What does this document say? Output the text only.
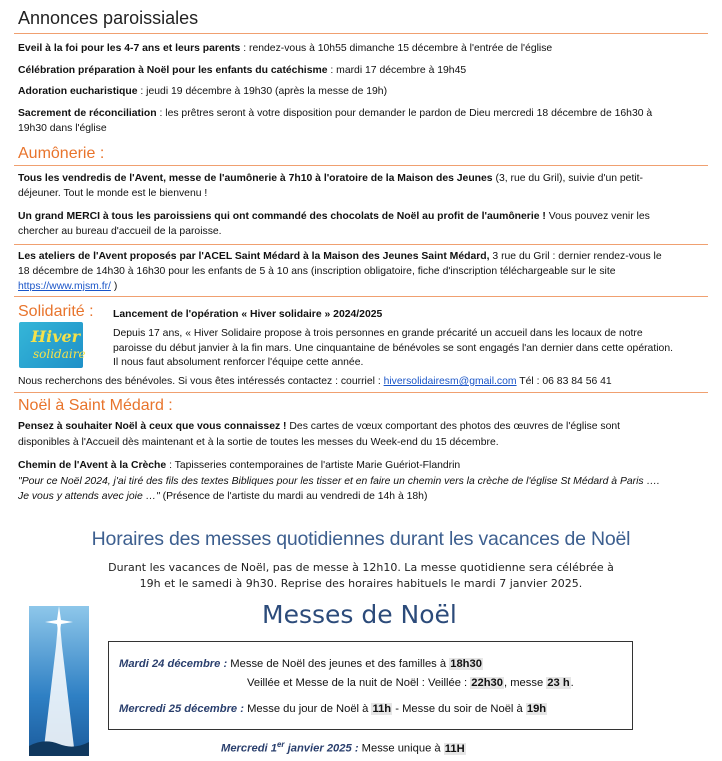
Annonces paroissiales
Eveil à la foi pour les 4-7 ans et leurs parents : rendez-vous à 10h55 dimanche 15 décembre à l'entrée de l'église
Célébration préparation à Noël pour les enfants du catéchisme : mardi 17 décembre à 19h45
Adoration eucharistique : jeudi 19 décembre à 19h30 (après la messe de 19h)
Sacrement de réconciliation : les prêtres seront à votre disposition pour demander le pardon de Dieu mercredi 18 décembre de 16h30 à
19h30 dans l'église
Aumônerie :
Tous les vendredis de l'Avent, messe de l'aumônerie à 7h10 à l'oratoire de la Maison des Jeunes (3, rue du Gril), suivie d'un petit-
déjeuner. Tout le monde est le bienvenu !
Un grand MERCI à tous les paroissiens qui ont commandé des chocolats de Noël au profit de l'aumônerie ! Vous pouvez venir les
chercher au bureau d'accueil de la paroisse.
Les ateliers de l'Avent proposés par l'ACEL Saint Médard à la Maison des Jeunes Saint Médard, 3 rue du Gril : dernier rendez-vous le
18 décembre de 14h30 à 16h30 pour les enfants de 5 à 10 ans (inscription obligatoire, fiche d'inscription téléchargeable sur le site
https://www.mjsm.fr/ )
Solidarité :
Hiver
solidaire
Lancement de l'opération « Hiver solidaire » 2024/2025
Depuis 17 ans, « Hiver Solidaire propose à trois personnes en grande précarité un accueil dans les locaux de notre
paroisse du début janvier à la fin mars. Une cinquantaine de bénévoles se sont engagés l'an dernier dans cette opération.
Il nous faut absolument renforcer l'équipe cette année.
Nous recherchons des bénévoles. Si vous êtes intéressés contactez : courriel : hiversolidairesm@gmail.com Tél : 06 83 84 56 41
Noël à Saint Médard :
Pensez à souhaiter Noël à ceux que vous connaissez ! Des cartes de vœux comportant des photos des œuvres de l'église sont
disponibles à l'Accueil dès maintenant et à la sortie de toutes les messes du Week-end du 15 décembre.
Chemin de l'Avent à la Crèche : Tapisseries contemporaines de l'artiste Marie Guériot-Flandrin
"Pour ce Noël 2024, j'ai tiré des fils des textes Bibliques pour les tisser et en faire un chemin vers la crèche de l'église St Médard à Paris ….
Je vous y attends avec joie …" (Présence de l'artiste du mardi au vendredi de 14h à 18h)
Horaires des messes quotidiennes durant les vacances de Noël
Durant les vacances de Noël, pas de messe à 12h10. La messe quotidienne sera célébrée à
19h et le samedi à 9h30. Reprise des horaires habituels le mardi 7 janvier 2025.
Messes de Noël
Mardi 24 décembre : Messe de Noël des jeunes et des familles à 18h30
Veillée et Messe de la nuit de Noël : Veillée : 22h30, messe 23 h.
Mercredi 25 décembre : Messe du jour de Noël à 11h - Messe du soir de Noël à 19h
Mercredi 1er janvier 2025 : Messe unique à 11H
